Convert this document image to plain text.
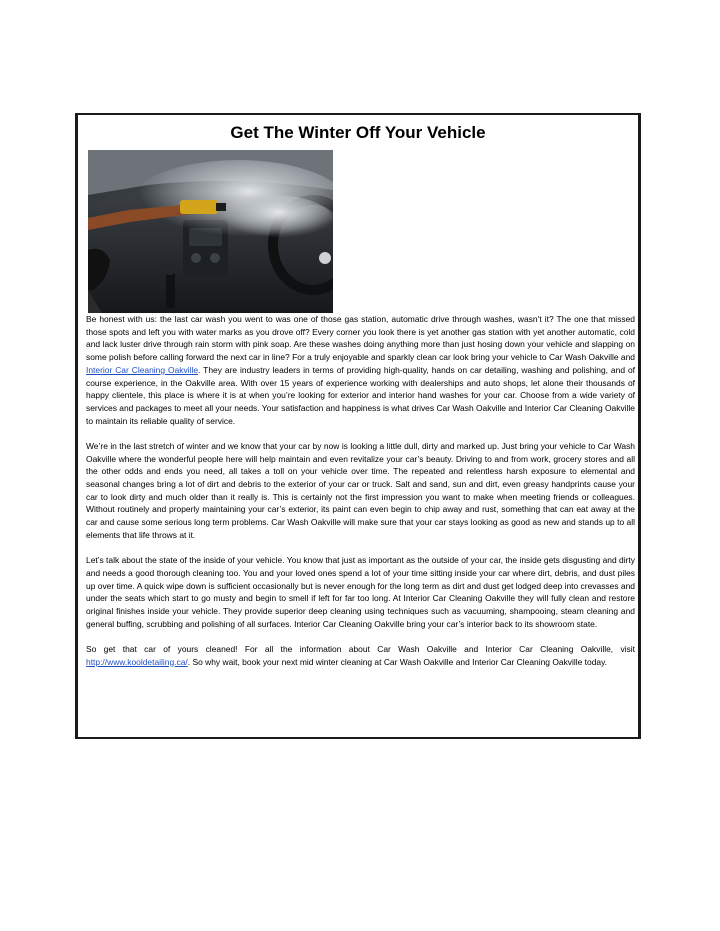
Get The Winter Off Your Vehicle

Be honest with us: the last car wash you went to was one of those gas station, automatic drive through washes, wasn’t it? The one that missed those spots and left you with water marks as you drove off? Every corner you look there is yet another gas station with yet another automatic, cold and lack luster drive through rain storm with pink soap. Are these washes doing anything more than just hosing down your vehicle and slapping on some polish before calling forward the next car in line? For a truly enjoyable and sparkly clean car look bring your vehicle to Car Wash Oakville and Interior Car Cleaning Oakville. They are industry leaders in terms of providing high-quality, hands on car detailing, washing and polishing, and of course experience, in the Oakville area. With over 15 years of experience working with dealerships and auto shops, let alone their thousands of happy clientele, this place is where it is at when you’re looking for exterior and interior hand washes for your car. Choose from a wide variety of services and packages to meet all your needs. Your satisfaction and happiness is what drives Car Wash Oakville and Interior Car Cleaning Oakville to maintain its reliable quality of service.

We’re in the last stretch of winter and we know that your car by now is looking a little dull, dirty and marked up. Just bring your vehicle to Car Wash Oakville where the wonderful people here will help maintain and even revitalize your car’s beauty. Driving to and from work, grocery stores and all the other odds and ends you need, all takes a toll on your vehicle over time. The repeated and relentless harsh exposure to elemental and seasonal changes bring a lot of dirt and debris to the exterior of your car or truck. Salt and sand, sun and dirt, even greasy handprints cause your car to look dirty and much older than it really is. This is certainly not the first impression you want to make when meeting friends or colleagues. Without routinely and properly maintaining your car’s exterior, its paint can even begin to chip away and rust, something that can eat away at the car and cause some serious long term problems. Car Wash Oakville will make sure that your car stays looking as good as new and stands up to all elements that life throws at it.

Let’s talk about the state of the inside of your vehicle. You know that just as important as the outside of your car, the inside gets disgusting and dirty and needs a good thorough cleaning too. You and your loved ones spend a lot of your time sitting inside your car where dirt, debris, and dust piles up over time. A quick wipe down is sufficient occasionally but is never enough for the long term as dirt and dust get lodged deep into crevasses and under the seats which start to go musty and begin to smell if left for far too long. At Interior Car Cleaning Oakville they will fully clean and restore original finishes inside your vehicle. They provide superior deep cleaning using techniques such as vacuuming, shampooing, steam cleaning and general buffing, scrubbing and polishing of all surfaces. Interior Car Cleaning Oakville bring your car’s interior back to its showroom state.

So get that car of yours cleaned! For all the information about Car Wash Oakville and Interior Car Cleaning Oakville, visit http://www.kooldetailing.ca/. So why wait, book your next mid winter cleaning at Car Wash Oakville and Interior Car Cleaning Oakville today.
